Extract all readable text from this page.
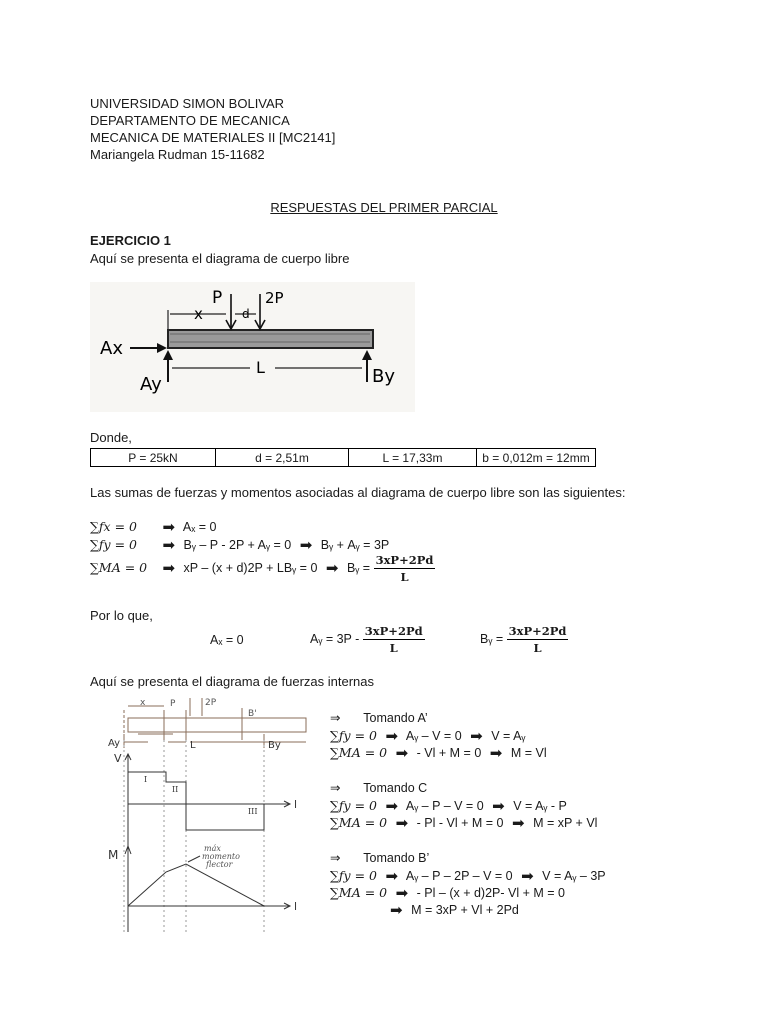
UNIVERSIDAD SIMON BOLIVAR
DEPARTAMENTO DE MECANICA
MECANICA DE MATERIALES II [MC2141]
Mariangela Rudman 15-11682
RESPUESTAS DEL PRIMER PARCIAL
EJERCICIO 1
Aquí se presenta el diagrama de cuerpo libre
P	2P
x	d
Ax
Ay	By
L
Donde,
P = 25kN	d = 2,51m	L = 17,33m	b = 0,012m = 12mm
Las sumas de fuerzas y momentos asociadas al diagrama de cuerpo libre son las siguientes:
∑fx = 0 ➡ Aₓ = 0
∑fy = 0 ➡ Bᵧ – P - 2P + Aᵧ = 0 ➡ Bᵧ + Aᵧ = 3P
∑MA = 0 ➡ xP – (x + d)2P + LBᵧ = 0 ➡ Bᵧ = $\frac{3xP+2Pd}{L}$
Por lo que,
Aₓ = 0	Aᵧ = $3P - \frac{3xP+2Pd}{L}$	Bᵧ = $\frac{3xP+2Pd}{L}$
Aquí se presenta el diagrama de fuerzas internas
x	P	2P
B'
Ay	By
L
V
l
I
II
III
M
l
máx
momento
flector
⇒ Tomando A’
∑fy = 0 ➡ Aᵧ – V = 0 ➡ V = Aᵧ
∑MA = 0 ➡ - Vl + M = 0 ➡ M = Vl
⇒ Tomando C
∑fy = 0 ➡ Aᵧ – P – V = 0 ➡ V = Aᵧ - P
∑MA = 0 ➡ - Pl - Vl + M = 0 ➡ M = xP + Vl
⇒ Tomando B’
∑fy = 0 ➡ Aᵧ – P – 2P – V = 0 ➡ V = Aᵧ – 3P
∑MA = 0 ➡ - Pl – (x + d)2P- Vl + M = 0
➡ M = 3xP + Vl + 2Pd
